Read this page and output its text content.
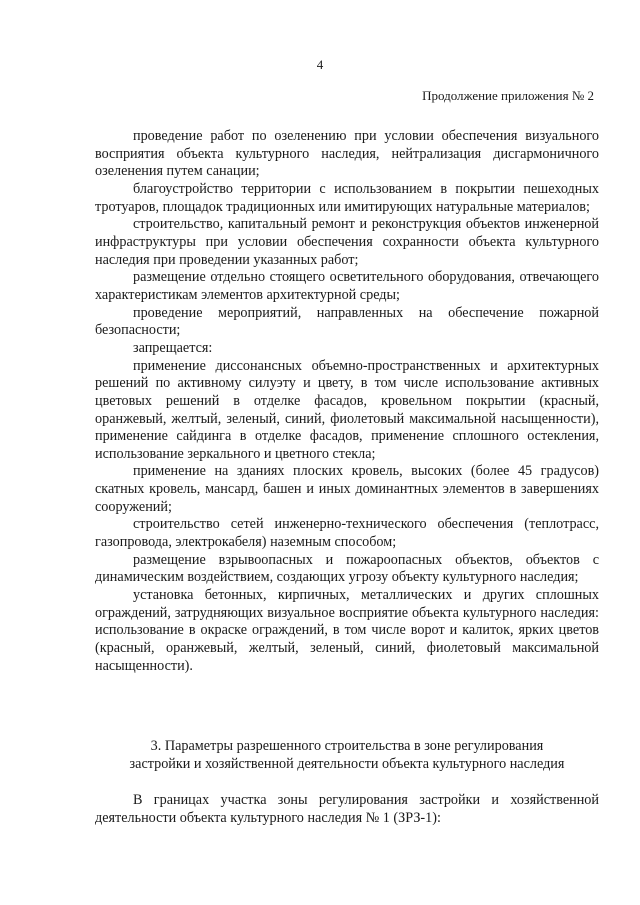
4
Продолжение приложения № 2

проведение работ по озеленению при условии обеспечения визуального восприятия объекта культурного наследия, нейтрализация дисгармоничного озеленения путем санации;

благоустройство территории с использованием в покрытии пешеходных тротуаров, площадок традиционных или имитирующих натуральные материалов;

строительство, капитальный ремонт и реконструкция объектов инженерной инфраструктуры при условии обеспечения сохранности объекта культурного наследия при проведении указанных работ;

размещение отдельно стоящего осветительного оборудования, отвечающего характеристикам элементов архитектурной среды;

проведение мероприятий, направленных на обеспечение пожарной безопасности;

запрещается:

применение диссонансных объемно-пространственных и архитектурных решений по активному силуэту и цвету, в том числе использование активных цветовых решений в отделке фасадов, кровельном покрытии (красный, оранжевый, желтый, зеленый, синий, фиолетовый максимальной насыщенности), применение сайдинга в отделке фасадов, применение сплошного остекления, использование зеркального и цветного стекла;

применение на зданиях плоских кровель, высоких (более 45 градусов) скатных кровель, мансард, башен и иных доминантных элементов в завершениях сооружений;

строительство сетей инженерно-технического обеспечения (теплотрасс, газопровода, электрокабеля) наземным способом;

размещение взрывоопасных и пожароопасных объектов, объектов с динамическим воздействием, создающих угрозу объекту культурного наследия;

установка бетонных, кирпичных, металлических и других сплошных ограждений, затрудняющих визуальное восприятие объекта культурного наследия: использование в окраске ограждений, в том числе ворот и калиток, ярких цветов (красный, оранжевый, желтый, зеленый, синий, фиолетовый максимальной насыщенности).

3. Параметры разрешенного строительства в зоне регулирования
застройки и хозяйственной деятельности объекта культурного наследия

В границах участка зоны регулирования застройки и хозяйственной деятельности объекта культурного наследия № 1 (ЗРЗ-1):
